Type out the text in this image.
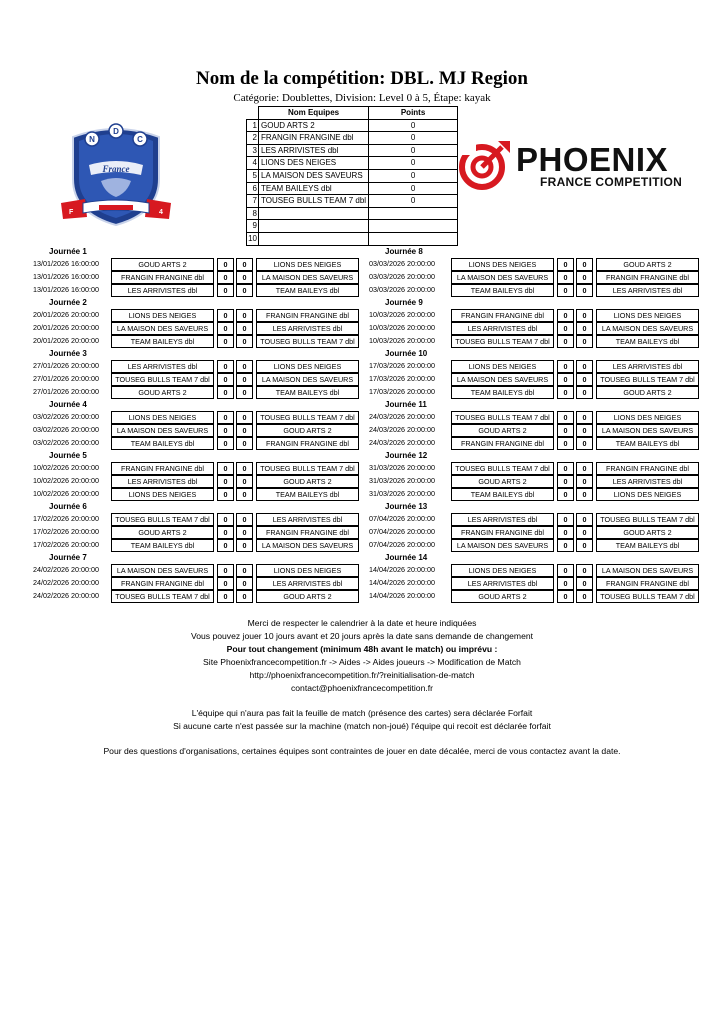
Nom de la compétition: DBL. MJ Region
Catégorie: Doublettes, Division: Level 0 à 5, Étape: kayak
N
D
C
France
F	4
	Nom Equipes	Points
1	GOUD ARTS 2	0
2	FRANGIN FRANGINE dbl	0
3	LES ARRIVISTES dbl	0
4	LIONS DES NEIGES	0
5	LA MAISON DES SAVEURS	0
6	TEAM BAILEYS dbl	0
7	TOUSEG BULLS TEAM 7 dbl	0
8		
9		
10		
PHOENIX
FRANCE COMPETITION
Journée 1
13/01/2026 16:00:00	GOUD ARTS 2	0	0	LIONS DES NEIGES
13/01/2026 16:00:00	FRANGIN FRANGINE dbl	0	0	LA MAISON DES SAVEURS
13/01/2026 16:00:00	LES ARRIVISTES dbl	0	0	TEAM BAILEYS dbl
Journée 2
20/01/2026 20:00:00	LIONS DES NEIGES	0	0	FRANGIN FRANGINE dbl
20/01/2026 20:00:00	LA MAISON DES SAVEURS	0	0	LES ARRIVISTES dbl
20/01/2026 20:00:00	TEAM BAILEYS dbl	0	0	TOUSEG BULLS TEAM 7 dbl
Journée 3
27/01/2026 20:00:00	LES ARRIVISTES dbl	0	0	LIONS DES NEIGES
27/01/2026 20:00:00	TOUSEG BULLS TEAM 7 dbl	0	0	LA MAISON DES SAVEURS
27/01/2026 20:00:00	GOUD ARTS 2	0	0	TEAM BAILEYS dbl
Journée 4
03/02/2026 20:00:00	LIONS DES NEIGES	0	0	TOUSEG BULLS TEAM 7 dbl
03/02/2026 20:00:00	LA MAISON DES SAVEURS	0	0	GOUD ARTS 2
03/02/2026 20:00:00	TEAM BAILEYS dbl	0	0	FRANGIN FRANGINE dbl
Journée 5
10/02/2026 20:00:00	FRANGIN FRANGINE dbl	0	0	TOUSEG BULLS TEAM 7 dbl
10/02/2026 20:00:00	LES ARRIVISTES dbl	0	0	GOUD ARTS 2
10/02/2026 20:00:00	LIONS DES NEIGES	0	0	TEAM BAILEYS dbl
Journée 6
17/02/2026 20:00:00	TOUSEG BULLS TEAM 7 dbl	0	0	LES ARRIVISTES dbl
17/02/2026 20:00:00	GOUD ARTS 2	0	0	FRANGIN FRANGINE dbl
17/02/2026 20:00:00	TEAM BAILEYS dbl	0	0	LA MAISON DES SAVEURS
Journée 7
24/02/2026 20:00:00	LA MAISON DES SAVEURS	0	0	LIONS DES NEIGES
24/02/2026 20:00:00	FRANGIN FRANGINE dbl	0	0	LES ARRIVISTES dbl
24/02/2026 20:00:00	TOUSEG BULLS TEAM 7 dbl	0	0	GOUD ARTS 2
Journée 8
03/03/2026 20:00:00	LIONS DES NEIGES	0	0	GOUD ARTS 2
03/03/2026 20:00:00	LA MAISON DES SAVEURS	0	0	FRANGIN FRANGINE dbl
03/03/2026 20:00:00	TEAM BAILEYS dbl	0	0	LES ARRIVISTES dbl
Journée 9
10/03/2026 20:00:00	FRANGIN FRANGINE dbl	0	0	LIONS DES NEIGES
10/03/2026 20:00:00	LES ARRIVISTES dbl	0	0	LA MAISON DES SAVEURS
10/03/2026 20:00:00	TOUSEG BULLS TEAM 7 dbl	0	0	TEAM BAILEYS dbl
Journée 10
17/03/2026 20:00:00	LIONS DES NEIGES	0	0	LES ARRIVISTES dbl
17/03/2026 20:00:00	LA MAISON DES SAVEURS	0	0	TOUSEG BULLS TEAM 7 dbl
17/03/2026 20:00:00	TEAM BAILEYS dbl	0	0	GOUD ARTS 2
Journée 11
24/03/2026 20:00:00	TOUSEG BULLS TEAM 7 dbl	0	0	LIONS DES NEIGES
24/03/2026 20:00:00	GOUD ARTS 2	0	0	LA MAISON DES SAVEURS
24/03/2026 20:00:00	FRANGIN FRANGINE dbl	0	0	TEAM BAILEYS dbl
Journée 12
31/03/2026 20:00:00	TOUSEG BULLS TEAM 7 dbl	0	0	FRANGIN FRANGINE dbl
31/03/2026 20:00:00	GOUD ARTS 2	0	0	LES ARRIVISTES dbl
31/03/2026 20:00:00	TEAM BAILEYS dbl	0	0	LIONS DES NEIGES
Journée 13
07/04/2026 20:00:00	LES ARRIVISTES dbl	0	0	TOUSEG BULLS TEAM 7 dbl
07/04/2026 20:00:00	FRANGIN FRANGINE dbl	0	0	GOUD ARTS 2
07/04/2026 20:00:00	LA MAISON DES SAVEURS	0	0	TEAM BAILEYS dbl
Journée 14
14/04/2026 20:00:00	LIONS DES NEIGES	0	0	LA MAISON DES SAVEURS
14/04/2026 20:00:00	LES ARRIVISTES dbl	0	0	FRANGIN FRANGINE dbl
14/04/2026 20:00:00	GOUD ARTS 2	0	0	TOUSEG BULLS TEAM 7 dbl
Merci de respecter le calendrier à la date et heure indiquées
Vous pouvez jouer 10 jours avant et 20 jours après la date sans demande de changement
Pour tout changement (minimum 48h avant le match) ou imprévu :
Site Phoenixfrancecompetition.fr -> Aides -> Aides joueurs -> Modification de Match
http://phoenixfrancecompetition.fr/?reinitialisation-de-match
contact@phoenixfrancecompetition.fr
L'équipe qui n'aura pas fait la feuille de match (présence des cartes) sera déclarée Forfait
Si aucune carte n'est passée sur la machine (match non-joué) l'équipe qui recoit est déclarée forfait
Pour des questions d'organisations, certaines équipes sont contraintes de jouer en date décalée, merci de vous contactez avant la date.
